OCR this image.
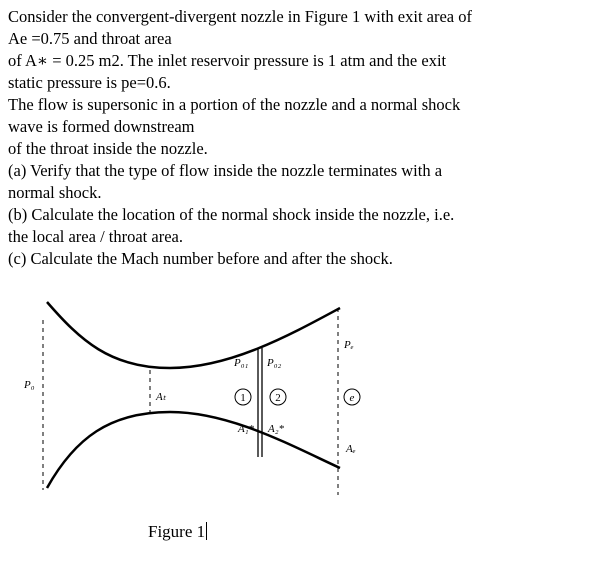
Consider the convergent-divergent nozzle in Figure 1 with exit area of

Ae =0.75 and throat area

of A∗ = 0.25 m2. The inlet reservoir pressure is 1 atm and the exit

static pressure is pe=0.6.

The flow is supersonic in a portion of the nozzle and a normal shock

wave is formed downstream

of the throat inside the nozzle.

(a) Verify that the type of flow inside the nozzle terminates with a

normal shock.

(b) Calculate the location of the normal shock inside the nozzle, i.e.

the local area / throat area.

(c) Calculate the Mach number before and after the shock.

P₀
Aₜ
P₀₁ P₀₂
1	2
A₁* A₂*
Pₑ
e
Aₑ
Figure 1
